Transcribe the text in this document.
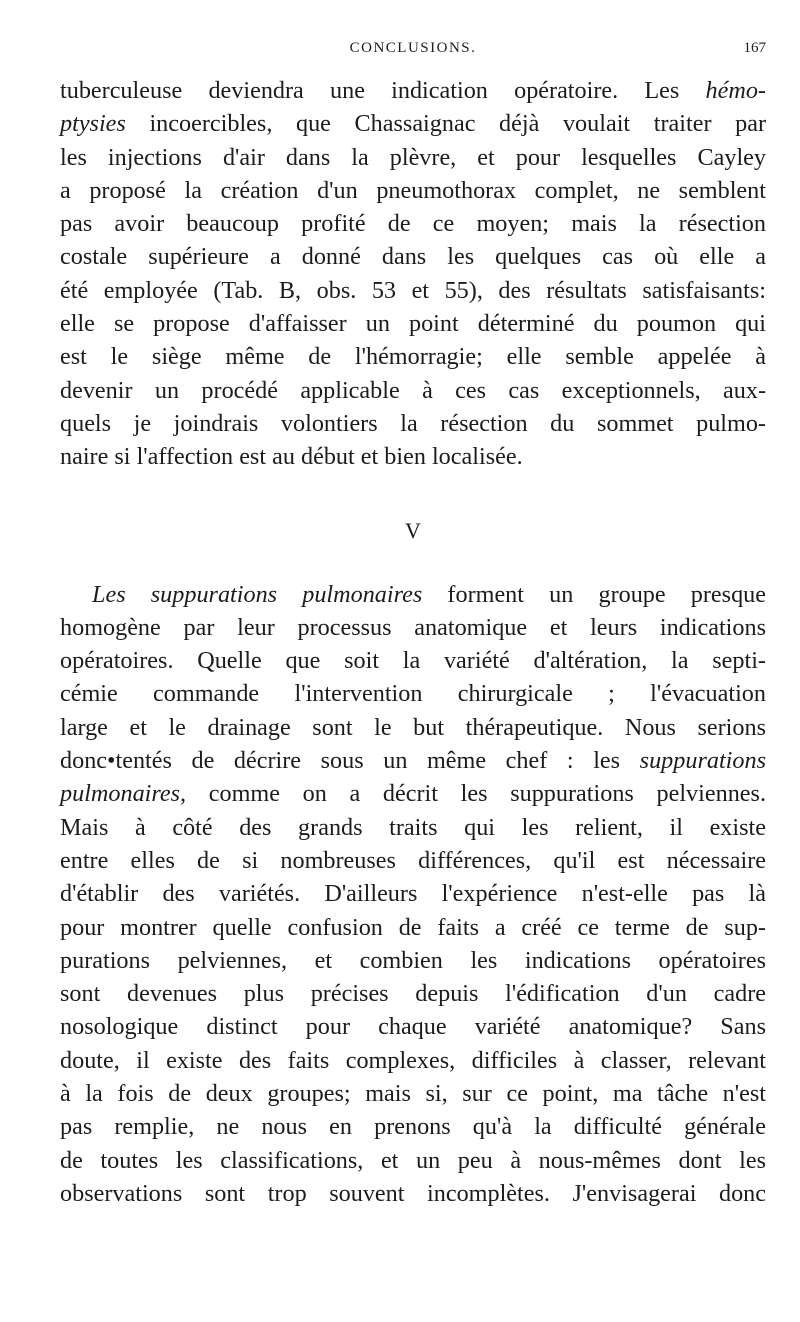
CONCLUSIONS.	167

tuberculeuse deviendra une indication opératoire. Les hémo-
ptysies incoercibles, que Chassaignac déjà voulait traiter par
les injections d'air dans la plèvre, et pour lesquelles Cayley
a proposé la création d'un pneumothorax complet, ne semblent
pas avoir beaucoup profité de ce moyen; mais la résection
costale supérieure a donné dans les quelques cas où elle a
été employée (Tab. B, obs. 53 et 55), des résultats satisfaisants:
elle se propose d'affaisser un point déterminé du poumon qui
est le siège même de l'hémorragie; elle semble appelée à
devenir un procédé applicable à ces cas exceptionnels, aux-
quels je joindrais volontiers la résection du sommet pulmo-
naire si l'affection est au début et bien localisée.

V

Les suppurations pulmonaires forment un groupe presque
homogène par leur processus anatomique et leurs indications
opératoires. Quelle que soit la variété d'altération, la septi-
cémie commande l'intervention chirurgicale ; l'évacuation
large et le drainage sont le but thérapeutique. Nous serions
donc•tentés de décrire sous un même chef : les suppurations
pulmonaires, comme on a décrit les suppurations pelviennes.
Mais à côté des grands traits qui les relient, il existe
entre elles de si nombreuses différences, qu'il est nécessaire
d'établir des variétés. D'ailleurs l'expérience n'est-elle pas là
pour montrer quelle confusion de faits a créé ce terme de sup-
purations pelviennes, et combien les indications opératoires
sont devenues plus précises depuis l'édification d'un cadre
nosologique distinct pour chaque variété anatomique? Sans
doute, il existe des faits complexes, difficiles à classer, relevant
à la fois de deux groupes; mais si, sur ce point, ma tâche n'est
pas remplie, ne nous en prenons qu'à la difficulté générale
de toutes les classifications, et un peu à nous-mêmes dont les
observations sont trop souvent incomplètes. J'envisagerai donc
